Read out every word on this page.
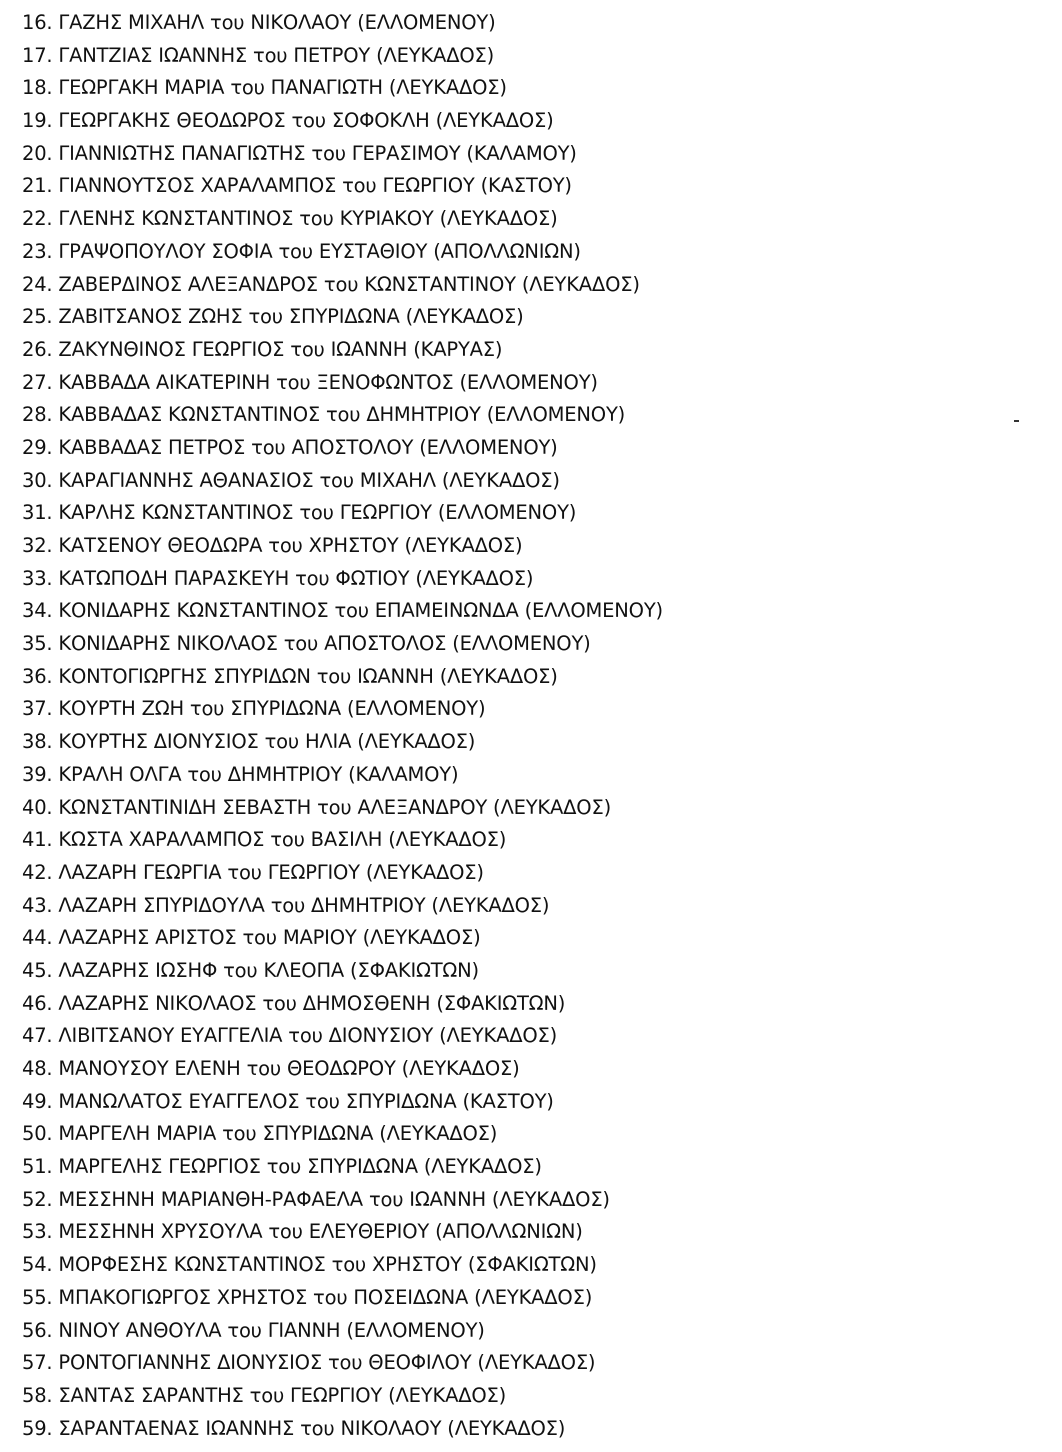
16. ΓΑΖΗΣ ΜΙΧΑΗΛ του ΝΙΚΟΛΑΟΥ (ΕΛΛΟΜΕΝΟΥ)
17. ΓΑΝΤΖΙΑΣ ΙΩΑΝΝΗΣ του ΠΕΤΡΟΥ (ΛΕΥΚΑΔΟΣ)
18. ΓΕΩΡΓΑΚΗ ΜΑΡΙΑ του ΠΑΝΑΓΙΩΤΗ (ΛΕΥΚΑΔΟΣ)
19. ΓΕΩΡΓΑΚΗΣ ΘΕΟΔΩΡΟΣ του ΣΟΦΟΚΛΗ (ΛΕΥΚΑΔΟΣ)
20. ΓΙΑΝΝΙΩΤΗΣ ΠΑΝΑΓΙΩΤΗΣ του ΓΕΡΑΣΙΜΟΥ (ΚΑΛΑΜΟΥ)
21. ΓΙΑΝΝΟΥΤΣΟΣ ΧΑΡΑΛΑΜΠΟΣ του ΓΕΩΡΓΙΟΥ (ΚΑΣΤΟΥ)
22. ΓΛΕΝΗΣ ΚΩΝΣΤΑΝΤΙΝΟΣ του ΚΥΡΙΑΚΟΥ (ΛΕΥΚΑΔΟΣ)
23. ΓΡΑΨΟΠΟΥΛΟΥ ΣΟΦΙΑ του ΕΥΣΤΑΘΙΟΥ (ΑΠΟΛΛΩΝΙΩΝ)
24. ΖΑΒΕΡΔΙΝΟΣ ΑΛΕΞΑΝΔΡΟΣ του ΚΩΝΣΤΑΝΤΙΝΟΥ (ΛΕΥΚΑΔΟΣ)
25. ΖΑΒΙΤΣΑΝΟΣ ΖΩΗΣ του ΣΠΥΡΙΔΩΝΑ (ΛΕΥΚΑΔΟΣ)
26. ΖΑΚΥΝΘΙΝΟΣ ΓΕΩΡΓΙΟΣ του ΙΩΑΝΝΗ (ΚΑΡΥΑΣ)
27. ΚΑΒΒΑΔΑ ΑΙΚΑΤΕΡΙΝΗ του ΞΕΝΟΦΩΝΤΟΣ (ΕΛΛΟΜΕΝΟΥ)
28. ΚΑΒΒΑΔΑΣ ΚΩΝΣΤΑΝΤΙΝΟΣ του ΔΗΜΗΤΡΙΟΥ (ΕΛΛΟΜΕΝΟΥ)
29. ΚΑΒΒΑΔΑΣ ΠΕΤΡΟΣ του ΑΠΟΣΤΟΛΟΥ (ΕΛΛΟΜΕΝΟΥ)
30. ΚΑΡΑΓΙΑΝΝΗΣ ΑΘΑΝΑΣΙΟΣ του ΜΙΧΑΗΛ (ΛΕΥΚΑΔΟΣ)
31. ΚΑΡΛΗΣ ΚΩΝΣΤΑΝΤΙΝΟΣ του ΓΕΩΡΓΙΟΥ (ΕΛΛΟΜΕΝΟΥ)
32. ΚΑΤΣΕΝΟΥ ΘΕΟΔΩΡΑ του ΧΡΗΣΤΟΥ (ΛΕΥΚΑΔΟΣ)
33. ΚΑΤΩΠΟΔΗ ΠΑΡΑΣΚΕΥΗ του ΦΩΤΙΟΥ (ΛΕΥΚΑΔΟΣ)
34. ΚΟΝΙΔΑΡΗΣ ΚΩΝΣΤΑΝΤΙΝΟΣ του ΕΠΑΜΕΙΝΩΝΔΑ (ΕΛΛΟΜΕΝΟΥ)
35. ΚΟΝΙΔΑΡΗΣ ΝΙΚΟΛΑΟΣ του ΑΠΟΣΤΟΛΟΣ (ΕΛΛΟΜΕΝΟΥ)
36. ΚΟΝΤΟΓΙΩΡΓΗΣ ΣΠΥΡΙΔΩΝ του ΙΩΑΝΝΗ (ΛΕΥΚΑΔΟΣ)
37. ΚΟΥΡΤΗ ΖΩΗ του ΣΠΥΡΙΔΩΝΑ (ΕΛΛΟΜΕΝΟΥ)
38. ΚΟΥΡΤΗΣ ΔΙΟΝΥΣΙΟΣ του ΗΛΙΑ (ΛΕΥΚΑΔΟΣ)
39. ΚΡΑΛΗ ΟΛΓΑ του ΔΗΜΗΤΡΙΟΥ (ΚΑΛΑΜΟΥ)
40. ΚΩΝΣΤΑΝΤΙΝΙΔΗ ΣΕΒΑΣΤΗ του ΑΛΕΞΑΝΔΡΟΥ (ΛΕΥΚΑΔΟΣ)
41. ΚΩΣΤΑ ΧΑΡΑΛΑΜΠΟΣ του ΒΑΣΙΛΗ (ΛΕΥΚΑΔΟΣ)
42. ΛΑΖΑΡΗ ΓΕΩΡΓΙΑ του ΓΕΩΡΓΙΟΥ (ΛΕΥΚΑΔΟΣ)
43. ΛΑΖΑΡΗ ΣΠΥΡΙΔΟΥΛΑ του ΔΗΜΗΤΡΙΟΥ (ΛΕΥΚΑΔΟΣ)
44. ΛΑΖΑΡΗΣ ΑΡΙΣΤΟΣ του ΜΑΡΙΟΥ (ΛΕΥΚΑΔΟΣ)
45. ΛΑΖΑΡΗΣ ΙΩΣΗΦ του ΚΛΕΟΠΑ (ΣΦΑΚΙΩΤΩΝ)
46. ΛΑΖΑΡΗΣ ΝΙΚΟΛΑΟΣ του ΔΗΜΟΣΘΕΝΗ (ΣΦΑΚΙΩΤΩΝ)
47. ΛΙΒΙΤΣΑΝΟΥ ΕΥΑΓΓΕΛΙΑ του ΔΙΟΝΥΣΙΟΥ (ΛΕΥΚΑΔΟΣ)
48. ΜΑΝΟΥΣΟΥ ΕΛΕΝΗ του ΘΕΟΔΩΡΟΥ (ΛΕΥΚΑΔΟΣ)
49. ΜΑΝΩΛΑΤΟΣ ΕΥΑΓΓΕΛΟΣ του ΣΠΥΡΙΔΩΝΑ (ΚΑΣΤΟΥ)
50. ΜΑΡΓΕΛΗ ΜΑΡΙΑ του ΣΠΥΡΙΔΩΝΑ (ΛΕΥΚΑΔΟΣ)
51. ΜΑΡΓΕΛΗΣ ΓΕΩΡΓΙΟΣ του ΣΠΥΡΙΔΩΝΑ (ΛΕΥΚΑΔΟΣ)
52. ΜΕΣΣΗΝΗ ΜΑΡΙΑΝΘΗ-ΡΑΦΑΕΛΑ του ΙΩΑΝΝΗ (ΛΕΥΚΑΔΟΣ)
53. ΜΕΣΣΗΝΗ ΧΡΥΣΟΥΛΑ του ΕΛΕΥΘΕΡΙΟΥ (ΑΠΟΛΛΩΝΙΩΝ)
54. ΜΟΡΦΕΣΗΣ ΚΩΝΣΤΑΝΤΙΝΟΣ του ΧΡΗΣΤΟΥ (ΣΦΑΚΙΩΤΩΝ)
55. ΜΠΑΚΟΓΙΩΡΓΟΣ ΧΡΗΣΤΟΣ του ΠΟΣΕΙΔΩΝΑ (ΛΕΥΚΑΔΟΣ)
56. ΝΙΝΟΥ ΑΝΘΟΥΛΑ του ΓΙΑΝΝΗ (ΕΛΛΟΜΕΝΟΥ)
57. ΡΟΝΤΟΓΙΑΝΝΗΣ ΔΙΟΝΥΣΙΟΣ του ΘΕΟΦΙΛΟΥ (ΛΕΥΚΑΔΟΣ)
58. ΣΑΝΤΑΣ ΣΑΡΑΝΤΗΣ του ΓΕΩΡΓΙΟΥ (ΛΕΥΚΑΔΟΣ)
59. ΣΑΡΑΝΤΑΕΝΑΣ ΙΩΑΝΝΗΣ του ΝΙΚΟΛΑΟΥ (ΛΕΥΚΑΔΟΣ)
